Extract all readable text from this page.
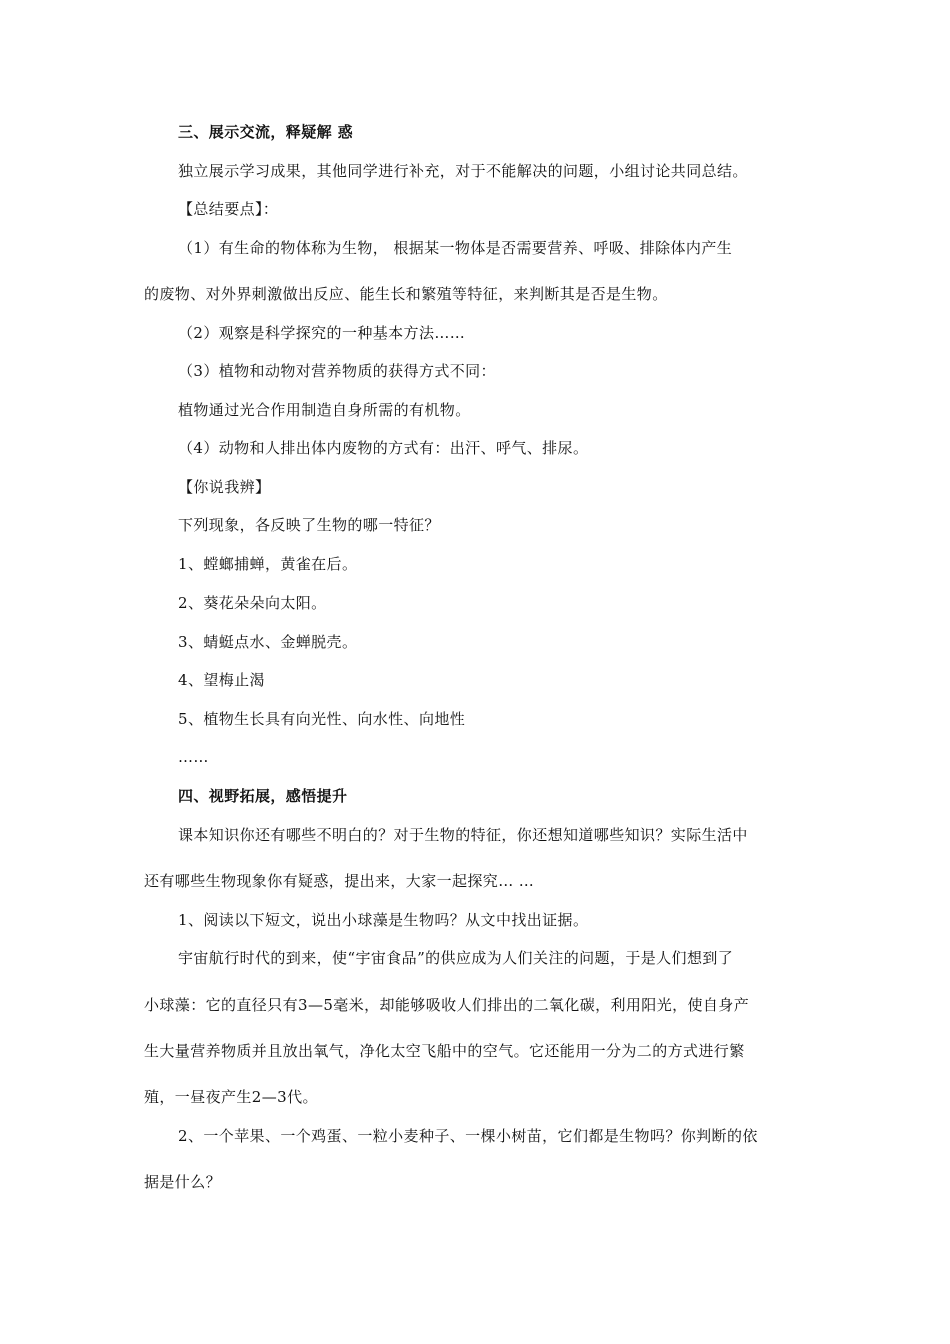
三、展示交流，释疑解 惑
独立展示学习成果，其他同学进行补充，对于不能解决的问题，小组讨论共同总结。
【总结要点】：
（1）有生命的物体称为生物， 根据某一物体是否需要营养、呼吸、排除体内产生
的废物、对外界刺激做出反应、能生长和繁殖等特征，来判断其是否是生物。
（2）观察是科学探究的一种基本方法……
（3）植物和动物对营养物质的获得方式不同：
植物通过光合作用制造自身所需的有机物。
（4）动物和人排出体内废物的方式有：出汗、呼气、排尿。
【你说我辨】
下列现象，各反映了生物的哪一特征？
1、螳螂捕蝉，黄雀在后。
2、葵花朵朵向太阳。
3、蜻蜓点水、金蝉脱壳。
4、望梅止渴
5、植物生长具有向光性、向水性、向地性
……
四、视野拓展，感悟提升
课本知识你还有哪些不明白的？对于生物的特征，你还想知道哪些知识？实际生活中
还有哪些生物现象你有疑惑，提出来，大家一起探究… …
1、阅读以下短文，说出小球藻是生物吗？从文中找出证据。
宇宙航行时代的到来，使“宇宙食品”的供应成为人们关注的问题，于是人们想到了
小球藻：它的直径只有3—5毫米，却能够吸收人们排出的二氧化碳，利用阳光，使自身产
生大量营养物质并且放出氧气，净化太空飞船中的空气。它还能用一分为二的方式进行繁
殖，一昼夜产生2—3代。
2、一个苹果、一个鸡蛋、一粒小麦种子、一棵小树苗，它们都是生物吗？你判断的依
据是什么？
